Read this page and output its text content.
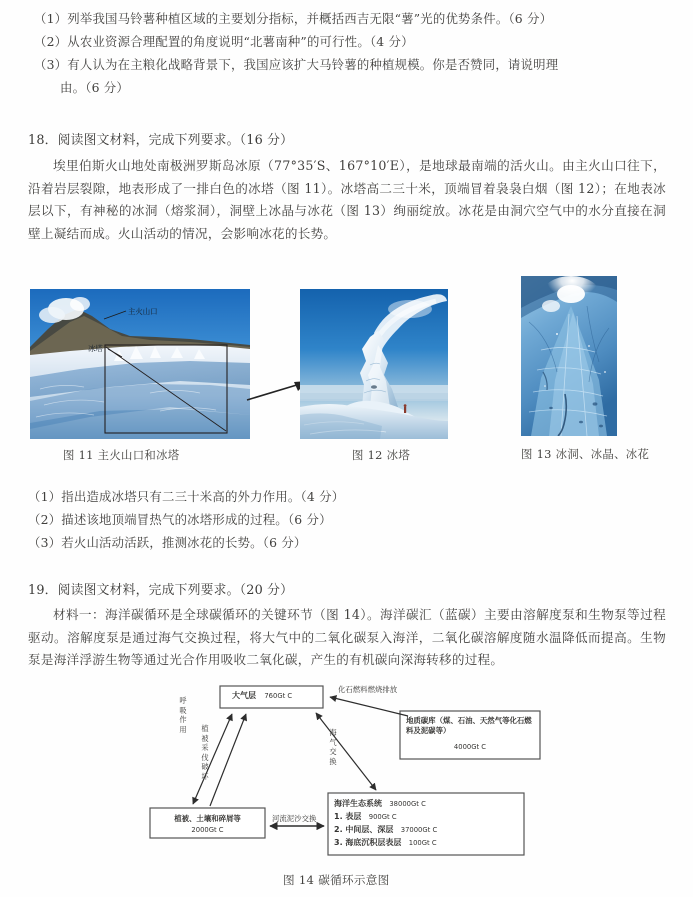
（1）列举我国马铃薯种植区域的主要划分指标，并概括西吉无限“薯”光的优势条件。（6 分）
（2）从农业资源合理配置的角度说明“北薯南种”的可行性。（4 分）
（3）有人认为在主粮化战略背景下，我国应该扩大马铃薯的种植规模。你是否赞同，请说明理
由。（6 分）
18．阅读图文材料，完成下列要求。（16 分）
埃里伯斯火山地处南极洲罗斯岛冰原（77°35′S、167°10′E），是地球最南端的活火山。由主火山口往下，沿着岩层裂隙，地表形成了一排白色的冰塔（图 11）。冰塔高二三十米，顶端冒着袅袅白烟（图 12）；在地表冰层以下，有神秘的冰洞（熔浆洞），洞壁上冰晶与冰花（图 13）绚丽绽放。冰花是由洞穴空气中的水分直接在洞壁上凝结而成。火山活动的情况，会影响冰花的长势。
主火山口
冰塔
图 11 主火山口和冰塔	图 12 冰塔	图 13 冰洞、冰晶、冰花
（1）指出造成冰塔只有二三十米高的外力作用。（4 分）
（2）描述该地顶端冒热气的冰塔形成的过程。（6 分）
（3）若火山活动活跃，推测冰花的长势。（6 分）
19．阅读图文材料，完成下列要求。（20 分）
材料一：海洋碳循环是全球碳循环的关键环节（图 14）。海洋碳汇（蓝碳）主要由溶解度泵和生物泵等过程驱动。溶解度泵是通过海气交换过程，将大气中的二氧化碳泵入海洋，二氧化碳溶解度随水温降低而提高。生物泵是海洋浮游生物等通过光合作用吸收二氧化碳，产生的有机碳向深海转移的过程。
大气层 760Gt C
地质碳库（煤、石油、天然气等化石燃料及泥碳等）
4000Gt C
植被、土壤和碎屑等
2000Gt C
海洋生态系统 38000Gt C
1. 表层 900Gt C
2. 中间层、深层 37000Gt C
3. 海底沉积层表层 100Gt C
呼吸作用 植被采伐破坏
化石燃料燃烧排放
海气交换
河流泥沙交换
图 14 碳循环示意图
